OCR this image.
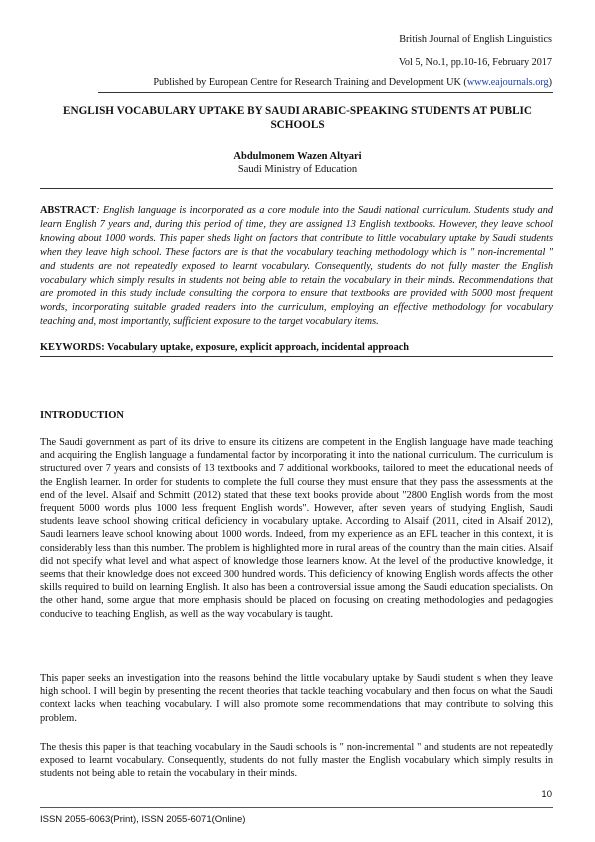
British Journal of English Linguistics
Vol 5, No.1, pp.10-16, February 2017
Published by European Centre for Research Training and Development UK (www.eajournals.org)
ENGLISH VOCABULARY UPTAKE BY SAUDI ARABIC-SPEAKING STUDENTS AT PUBLIC SCHOOLS
Abdulmonem Wazen Altyari
Saudi Ministry of Education
ABSTRACT: English language is incorporated as a core module into the Saudi national curriculum. Students study and learn English 7 years and, during this period of time, they are assigned 13 English textbooks. However, they leave school knowing about 1000 words. This paper sheds light on factors that contribute to little vocabulary uptake by Saudi students when they leave high school. These factors are is that the vocabulary teaching methodology which is " non-incremental " and students are not repeatedly exposed to learnt vocabulary. Consequently, students do not fully master the English vocabulary which simply results in students not being able to retain the vocabulary in their minds. Recommendations that are promoted in this study include consulting the corpora to ensure that textbooks are provided with 5000 most frequent words, incorporating suitable graded readers into the curriculum, employing an effective methodology for vocabulary teaching and, most importantly, sufficient exposure to the target vocabulary items.
KEYWORDS: Vocabulary uptake, exposure, explicit approach, incidental approach
INTRODUCTION
The Saudi government as part of its drive to ensure its citizens are competent in the English language have made teaching and acquiring the English language a fundamental factor by incorporating it into the national curriculum. The curriculum is structured over 7 years and consists of 13 textbooks and 7 additional workbooks, tailored to meet the educational needs of the English learner. In order for students to complete the full course they must ensure that they pass the assessments at the end of the level. Alsaif and Schmitt (2012) stated that these text books provide about "2800 English words from the most frequent 5000 words plus 1000 less frequent English words". However, after seven years of studying English, Saudi students leave school showing critical deficiency in vocabulary uptake. According to Alsaif (2011, cited in Alsaif 2012), Saudi learners leave school knowing about 1000 words. Indeed, from my experience as an EFL teacher in this context, it is considerably less than this number. The problem is highlighted more in rural areas of the country than the main cities. Alsaif did not specify what level and what aspect of knowledge those learners know. At the level of the productive knowledge, it seems that their knowledge does not exceed 300 hundred words. This deficiency of knowing English words affects the other skills required to build on learning English. It also has been a controversial issue among the Saudi education specialists. On the other hand, some argue that more emphasis should be placed on focusing on creating methodologies and pedagogies conducive to teaching English, as well as the way vocabulary is taught.
This paper seeks an investigation into the reasons behind the little vocabulary uptake by Saudi student s when they leave high school. I will begin by presenting the recent theories that tackle teaching vocabulary and then focus on what the Saudi context lacks when teaching vocabulary. I will also promote some recommendations that may contribute to solving this problem.
The thesis this paper is that teaching vocabulary in the Saudi schools is " non-incremental " and students are not repeatedly exposed to learnt vocabulary. Consequently, students do not fully master the English vocabulary which simply results in students not being able to retain the vocabulary in their minds.
10
ISSN 2055-6063(Print), ISSN 2055-6071(Online)
